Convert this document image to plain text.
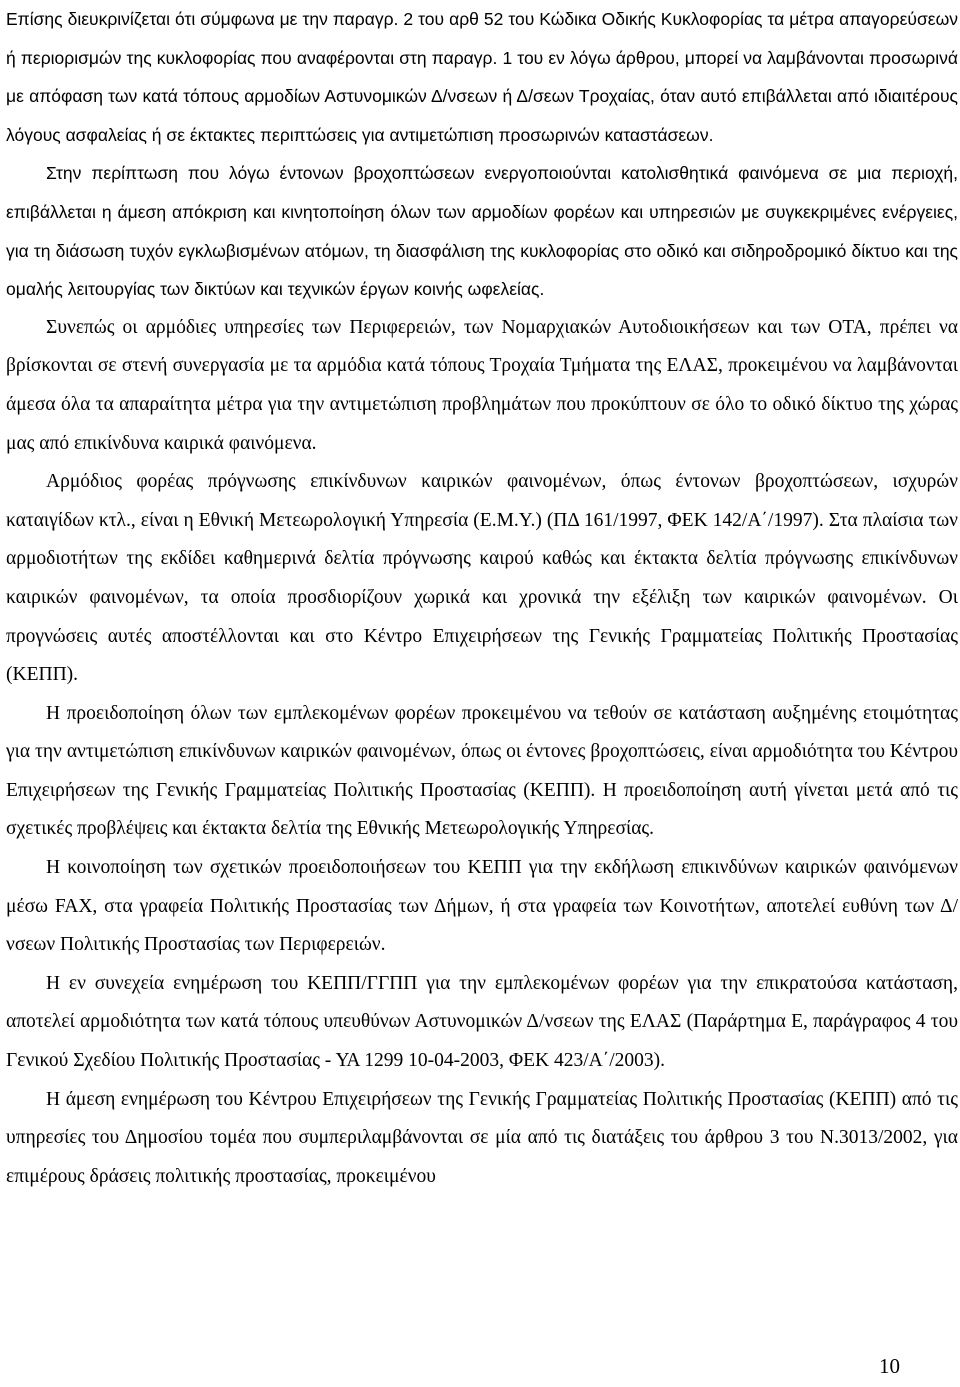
Επίσης διευκρινίζεται ότι σύμφωνα με την παραγρ. 2 του αρθ 52 του Κώδικα Οδικής Κυκλοφορίας τα μέτρα απαγορεύσεων ή περιορισμών της κυκλοφορίας που αναφέρονται στη παραγρ. 1 του εν λόγω άρθρου, μπορεί να λαμβάνονται προσωρινά με απόφαση των κατά τόπους αρμοδίων Αστυνομικών Δ/νσεων ή Δ/σεων Τροχαίας, όταν αυτό επιβάλλεται από ιδιαιτέρους λόγους ασφαλείας ή σε έκτακτες περιπτώσεις για αντιμετώπιση προσωρινών καταστάσεων.

Στην περίπτωση που λόγω έντονων βροχοπτώσεων ενεργοποιούνται κατολισθητικά φαινόμενα σε μια περιοχή, επιβάλλεται η άμεση απόκριση και κινητοποίηση όλων των αρμοδίων φορέων και υπηρεσιών με συγκεκριμένες ενέργειες, για τη διάσωση τυχόν εγκλωβισμένων ατόμων, τη διασφάλιση της κυκλοφορίας στο οδικό και σιδηροδρομικό δίκτυο και της ομαλής λειτουργίας των δικτύων και τεχνικών έργων κοινής ωφελείας.

Συνεπώς οι αρμόδιες υπηρεσίες των Περιφερειών, των Νομαρχιακών Αυτοδιοικήσεων και των ΟΤΑ, πρέπει να βρίσκονται σε στενή συνεργασία με τα αρμόδια κατά τόπους Τροχαία Τμήματα της ΕΛΑΣ, προκειμένου να λαμβάνονται άμεσα όλα τα απαραίτητα μέτρα για την αντιμετώπιση προβλημάτων που προκύπτουν σε όλο το οδικό δίκτυο της χώρας μας από επικίνδυνα καιρικά φαινόμενα.

Αρμόδιος φορέας πρόγνωσης επικίνδυνων καιρικών φαινομένων, όπως έντονων βροχοπτώσεων, ισχυρών καταιγίδων κτλ., είναι η Εθνική Μετεωρολογική Υπηρεσία (Ε.Μ.Υ.) (ΠΔ 161/1997, ΦΕΚ 142/Α΄/1997). Στα πλαίσια των αρμοδιοτήτων της εκδίδει καθημερινά δελτία πρόγνωσης καιρού καθώς και έκτακτα δελτία πρόγνωσης επικίνδυνων καιρικών φαινομένων, τα οποία προσδιορίζουν χωρικά και χρονικά την εξέλιξη των καιρικών φαινομένων. Οι προγνώσεις αυτές αποστέλλονται και στο Κέντρο Επιχειρήσεων της Γενικής Γραμματείας Πολιτικής Προστασίας (ΚΕΠΠ).

Η προειδοποίηση όλων των εμπλεκομένων φορέων προκειμένου να τεθούν σε κατάσταση αυξημένης ετοιμότητας για την αντιμετώπιση επικίνδυνων καιρικών φαινομένων, όπως οι έντονες βροχοπτώσεις, είναι αρμοδιότητα του Κέντρου Επιχειρήσεων της Γενικής Γραμματείας Πολιτικής Προστασίας (ΚΕΠΠ). Η προειδοποίηση αυτή γίνεται μετά από τις σχετικές προβλέψεις και έκτακτα δελτία της Εθνικής Μετεωρολογικής Υπηρεσίας.

Η κοινοποίηση των σχετικών προειδοποιήσεων του ΚΕΠΠ για την εκδήλωση επικινδύνων καιρικών φαινόμενων μέσω FAX, στα γραφεία Πολιτικής Προστασίας των Δήμων, ή στα γραφεία των Κοινοτήτων, αποτελεί ευθύνη των Δ/νσεων Πολιτικής Προστασίας των Περιφερειών.

Η εν συνεχεία ενημέρωση του ΚΕΠΠ/ΓΓΠΠ για την εμπλεκομένων φορέων για την επικρατούσα κατάσταση, αποτελεί αρμοδιότητα των κατά τόπους υπευθύνων Αστυνομικών Δ/νσεων της ΕΛΑΣ (Παράρτημα Ε, παράγραφος 4 του Γενικού Σχεδίου Πολιτικής Προστασίας - ΥΑ 1299 10-04-2003, ΦΕΚ 423/Α΄/2003).

Η άμεση ενημέρωση του Κέντρου Επιχειρήσεων της Γενικής Γραμματείας Πολιτικής Προστασίας (ΚΕΠΠ) από τις υπηρεσίες του Δημοσίου τομέα που συμπεριλαμβάνονται σε μία από τις διατάξεις του άρθρου 3 του Ν.3013/2002, για επιμέρους δράσεις πολιτικής προστασίας, προκειμένου

10
